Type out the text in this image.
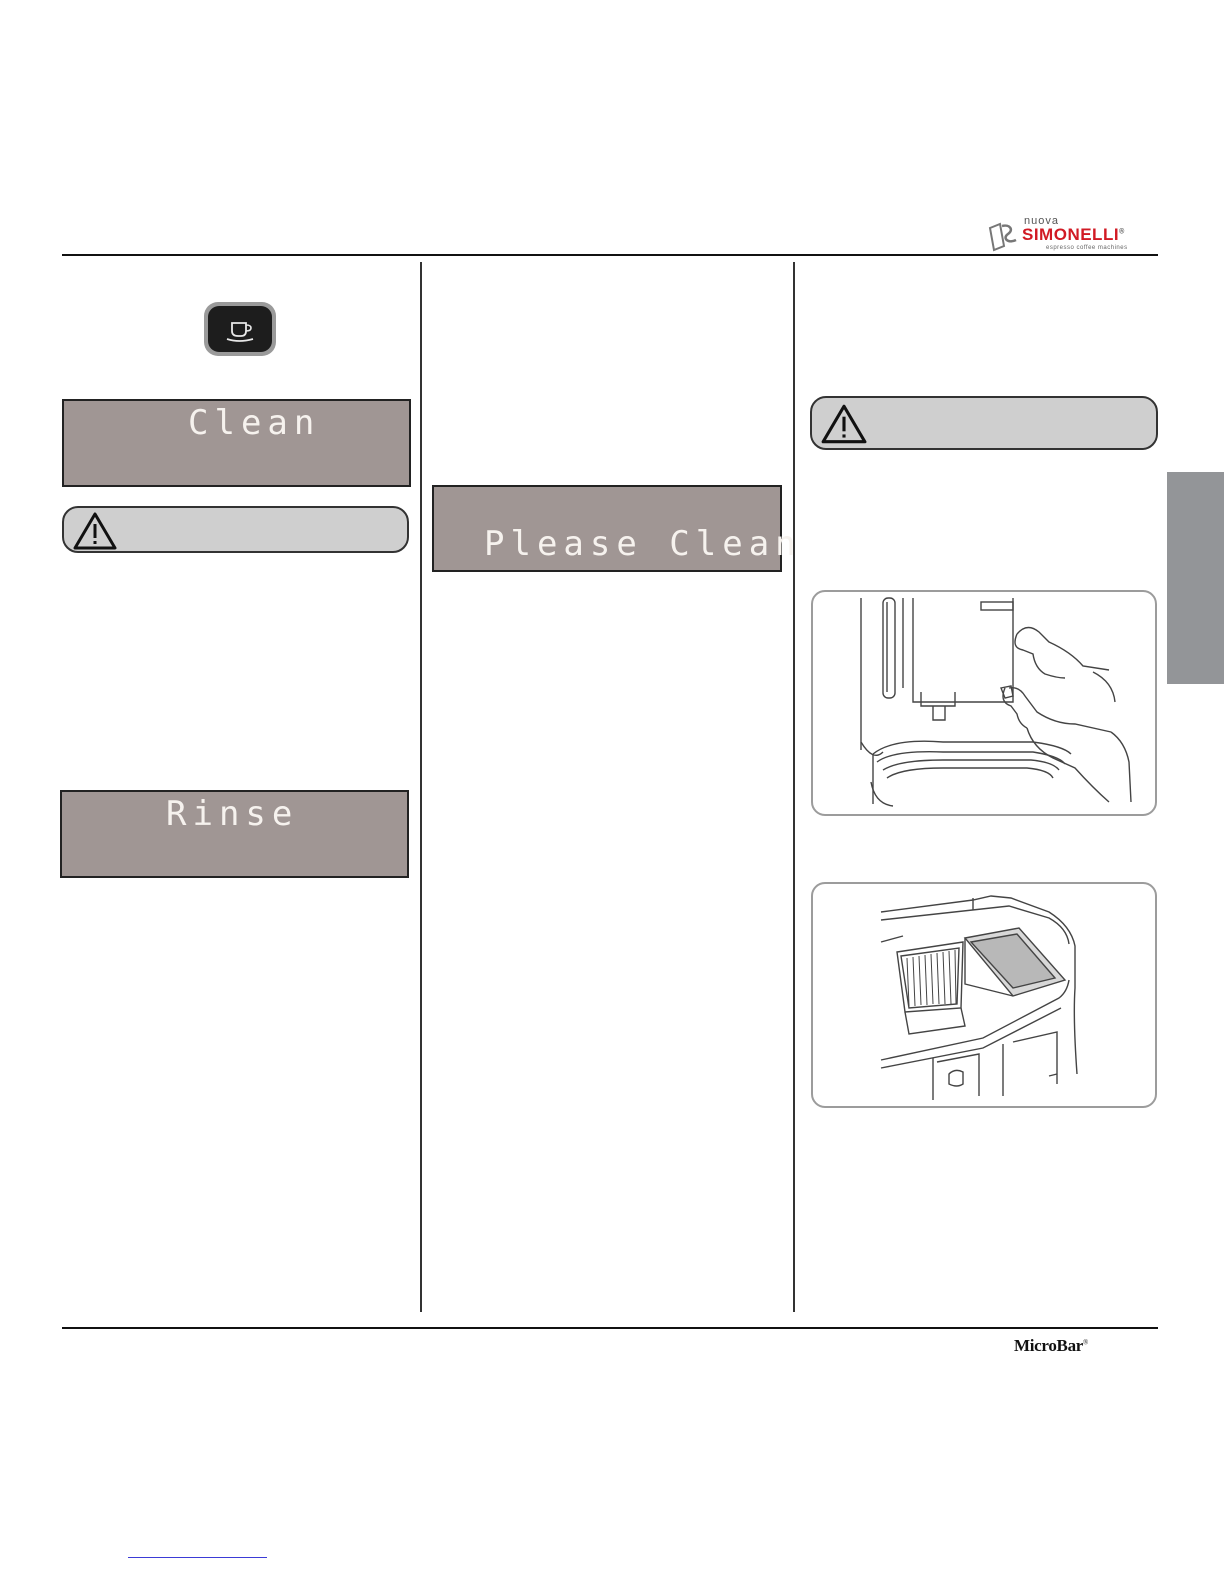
nuova
SIMONELLI®
espresso coffee machines
Clean
Rinse
Please Clean
MicroBar®
